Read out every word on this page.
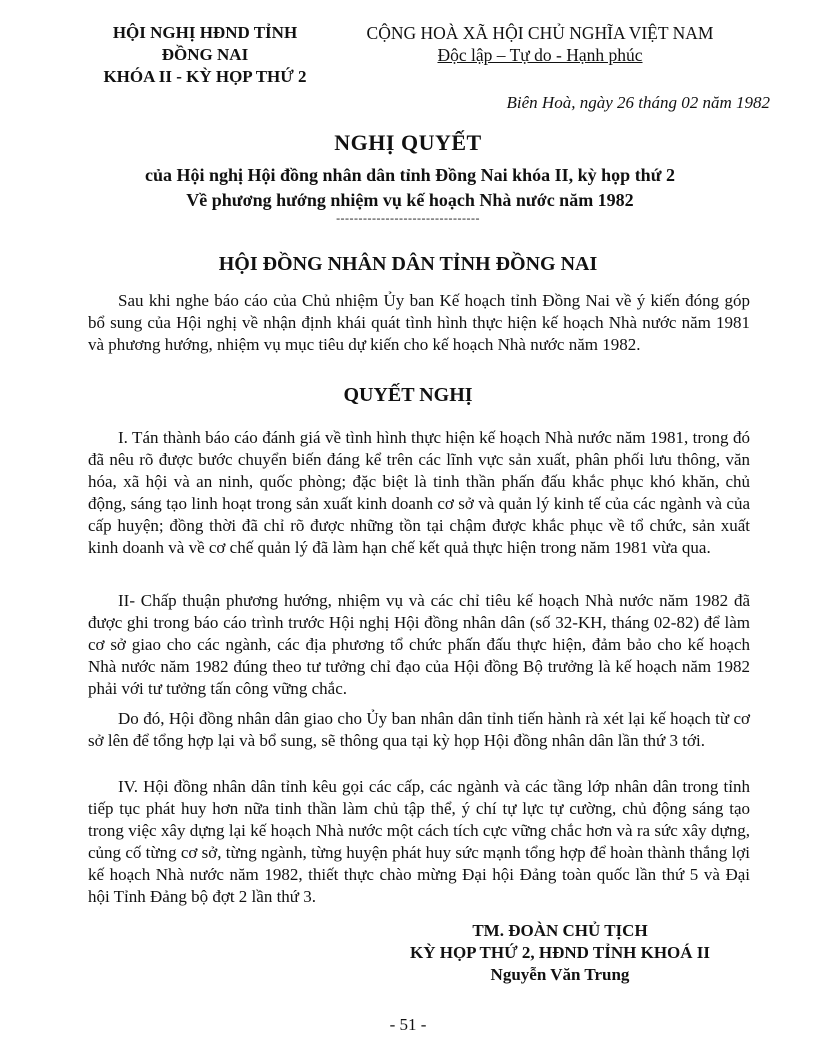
HỘI NGHỊ HĐND TỈNH
ĐỒNG NAI
KHÓA II - KỲ HỌP THỨ 2
CỘNG HOÀ XÃ HỘI CHỦ NGHĨA VIỆT NAM
Độc lập – Tự do - Hạnh phúc
Biên Hoà, ngày 26 tháng 02 năm 1982
NGHỊ QUYẾT
của Hội nghị Hội đồng nhân dân tỉnh Đồng Nai khóa II, kỳ họp thứ 2
Về phương hướng nhiệm vụ kế hoạch Nhà nước năm 1982
--------------------------------
HỘI ĐỒNG NHÂN DÂN TỈNH ĐỒNG NAI

Sau khi nghe báo cáo của Chủ nhiệm Ủy ban Kế hoạch tỉnh Đồng Nai về ý kiến đóng góp bổ sung của Hội nghị về nhận định khái quát tình hình thực hiện kế hoạch Nhà nước năm 1981 và phương hướng, nhiệm vụ mục tiêu dự kiến cho kế hoạch Nhà nước năm 1982.

QUYẾT NGHỊ

I. Tán thành báo cáo đánh giá về tình hình thực hiện kế hoạch Nhà nước năm 1981, trong đó đã nêu rõ được bước chuyển biến đáng kể trên các lĩnh vực sản xuất, phân phối lưu thông, văn hóa, xã hội và an ninh, quốc phòng; đặc biệt là tinh thần phấn đấu khắc phục khó khăn, chủ động, sáng tạo linh hoạt trong sản xuất kinh doanh cơ sở và quản lý kinh tế của các ngành và của cấp huyện; đồng thời đã chỉ rõ được những tồn tại chậm được khắc phục về tổ chức, sản xuất kinh doanh và về cơ chế quản lý đã làm hạn chế kết quả thực hiện trong năm 1981 vừa qua.

II- Chấp thuận phương hướng, nhiệm vụ và các chỉ tiêu kế hoạch Nhà nước năm 1982 đã được ghi trong báo cáo trình trước Hội nghị Hội đồng nhân dân (số 32-KH, tháng 02-82) để làm cơ sở giao cho các ngành, các địa phương tổ chức phấn đấu thực hiện, đảm bảo cho kế hoạch Nhà nước năm 1982 đúng theo tư tưởng chỉ đạo của Hội đồng Bộ trưởng là kế hoạch năm 1982 phải với tư tưởng tấn công vững chắc.

Do đó, Hội đồng nhân dân giao cho Ủy ban nhân dân tỉnh tiến hành rà xét lại kế hoạch từ cơ sở lên để tổng hợp lại và bổ sung, sẽ thông qua tại kỳ họp Hội đồng nhân dân lần thứ 3 tới.

IV. Hội đồng nhân dân tỉnh kêu gọi các cấp, các ngành và các tầng lớp nhân dân trong tỉnh tiếp tục phát huy hơn nữa tinh thần làm chủ tập thể, ý chí tự lực tự cường, chủ động sáng tạo trong việc xây dựng lại kế hoạch Nhà nước một cách tích cực vững chắc hơn và ra sức xây dựng, củng cố từng cơ sở, từng ngành, từng huyện phát huy sức mạnh tổng hợp để hoàn thành thắng lợi kế hoạch Nhà nước năm 1982, thiết thực chào mừng Đại hội Đảng toàn quốc lần thứ 5 và Đại hội Tỉnh Đảng bộ đợt 2 lần thứ 3.

TM. ĐOÀN CHỦ TỊCH
KỲ HỌP THỨ 2, HĐND TỈNH KHOÁ II
Nguyễn Văn Trung
- 51 -
